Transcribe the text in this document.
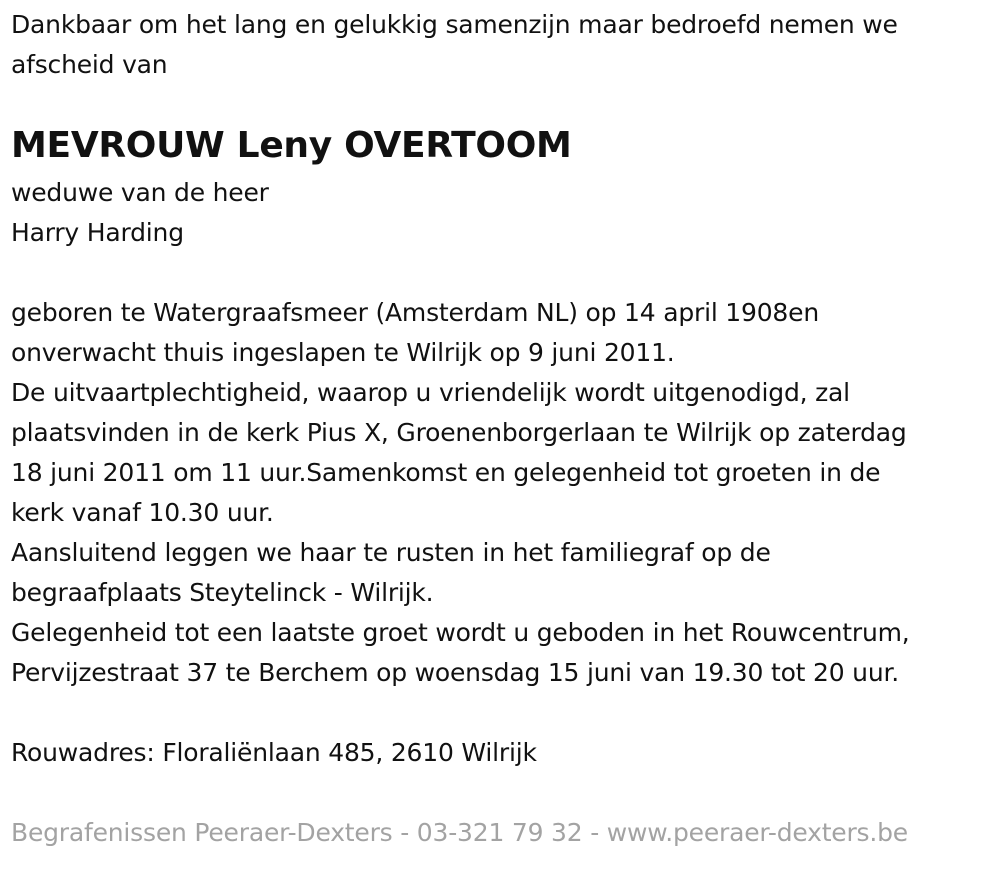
Dankbaar om het lang en gelukkig samenzijn maar bedroefd nemen we
afscheid van
MEVROUW Leny OVERTOOM
weduwe van de heer
Harry Harding
geboren te Watergraafsmeer (Amsterdam NL) op 14 april 1908en
onverwacht thuis ingeslapen te Wilrijk op 9 juni 2011.
De uitvaartplechtigheid, waarop u vriendelijk wordt uitgenodigd, zal
plaatsvinden in de kerk Pius X, Groenenborgerlaan te Wilrijk op zaterdag
18 juni 2011 om 11 uur.Samenkomst en gelegenheid tot groeten in de
kerk vanaf 10.30 uur.
Aansluitend leggen we haar te rusten in het familiegraf op de
begraafplaats Steytelinck - Wilrijk.
Gelegenheid tot een laatste groet wordt u geboden in het Rouwcentrum,
Pervijzestraat 37 te Berchem op woensdag 15 juni van 19.30 tot 20 uur.
Rouwadres: Floraliënlaan 485, 2610 Wilrijk
Begrafenissen Peeraer-Dexters - 03-321 79 32 - www.peeraer-dexters.be
